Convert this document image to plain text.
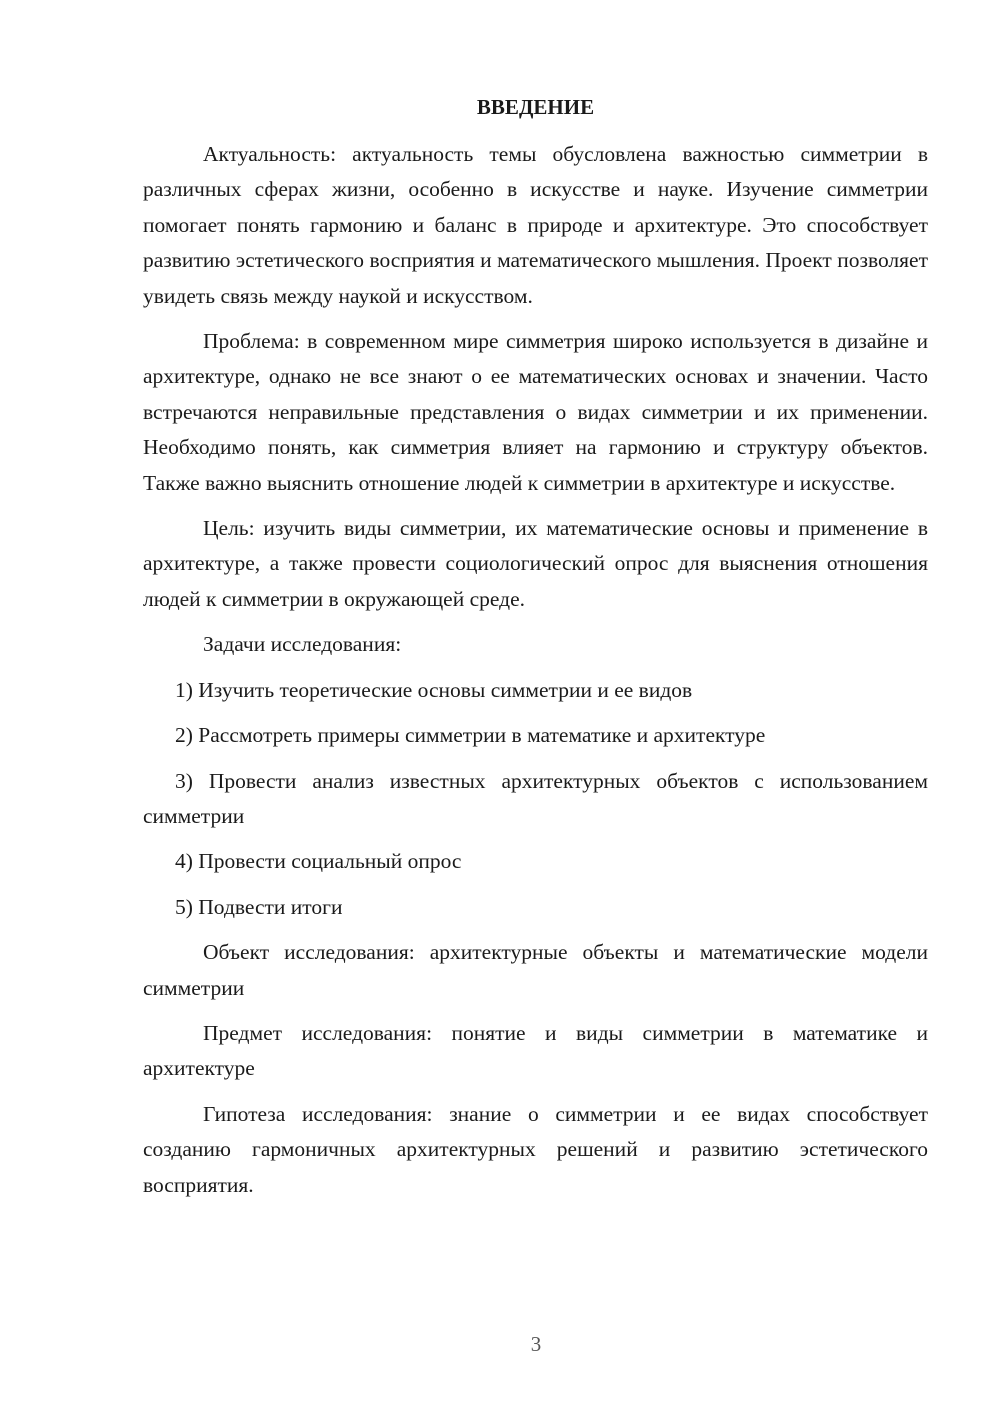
ВВЕДЕНИЕ

Актуальность: актуальность темы обусловлена важностью симметрии в различных сферах жизни, особенно в искусстве и науке. Изучение симметрии помогает понять гармонию и баланс в природе и архитектуре. Это способствует развитию эстетического восприятия и математического мышления. Проект позволяет увидеть связь между наукой и искусством.

Проблема: в современном мире симметрия широко используется в дизайне и архитектуре, однако не все знают о ее математических основах и значении. Часто встречаются неправильные представления о видах симметрии и их применении. Необходимо понять, как симметрия влияет на гармонию и структуру объектов. Также важно выяснить отношение людей к симметрии в архитектуре и искусстве.

Цель: изучить виды симметрии, их математические основы и применение в архитектуре, а также провести социологический опрос для выяснения отношения людей к симметрии в окружающей среде.

Задачи исследования:

1) Изучить теоретические основы симметрии и ее видов

2) Рассмотреть примеры симметрии в математике и архитектуре

3) Провести анализ известных архитектурных объектов с использованием симметрии

4) Провести социальный опрос

5) Подвести итоги

Объект исследования: архитектурные объекты и математические модели симметрии

Предмет исследования: понятие и виды симметрии в математике и архитектуре

Гипотеза исследования: знание о симметрии и ее видах способствует созданию гармоничных архитектурных решений и развитию эстетического восприятия.

3
